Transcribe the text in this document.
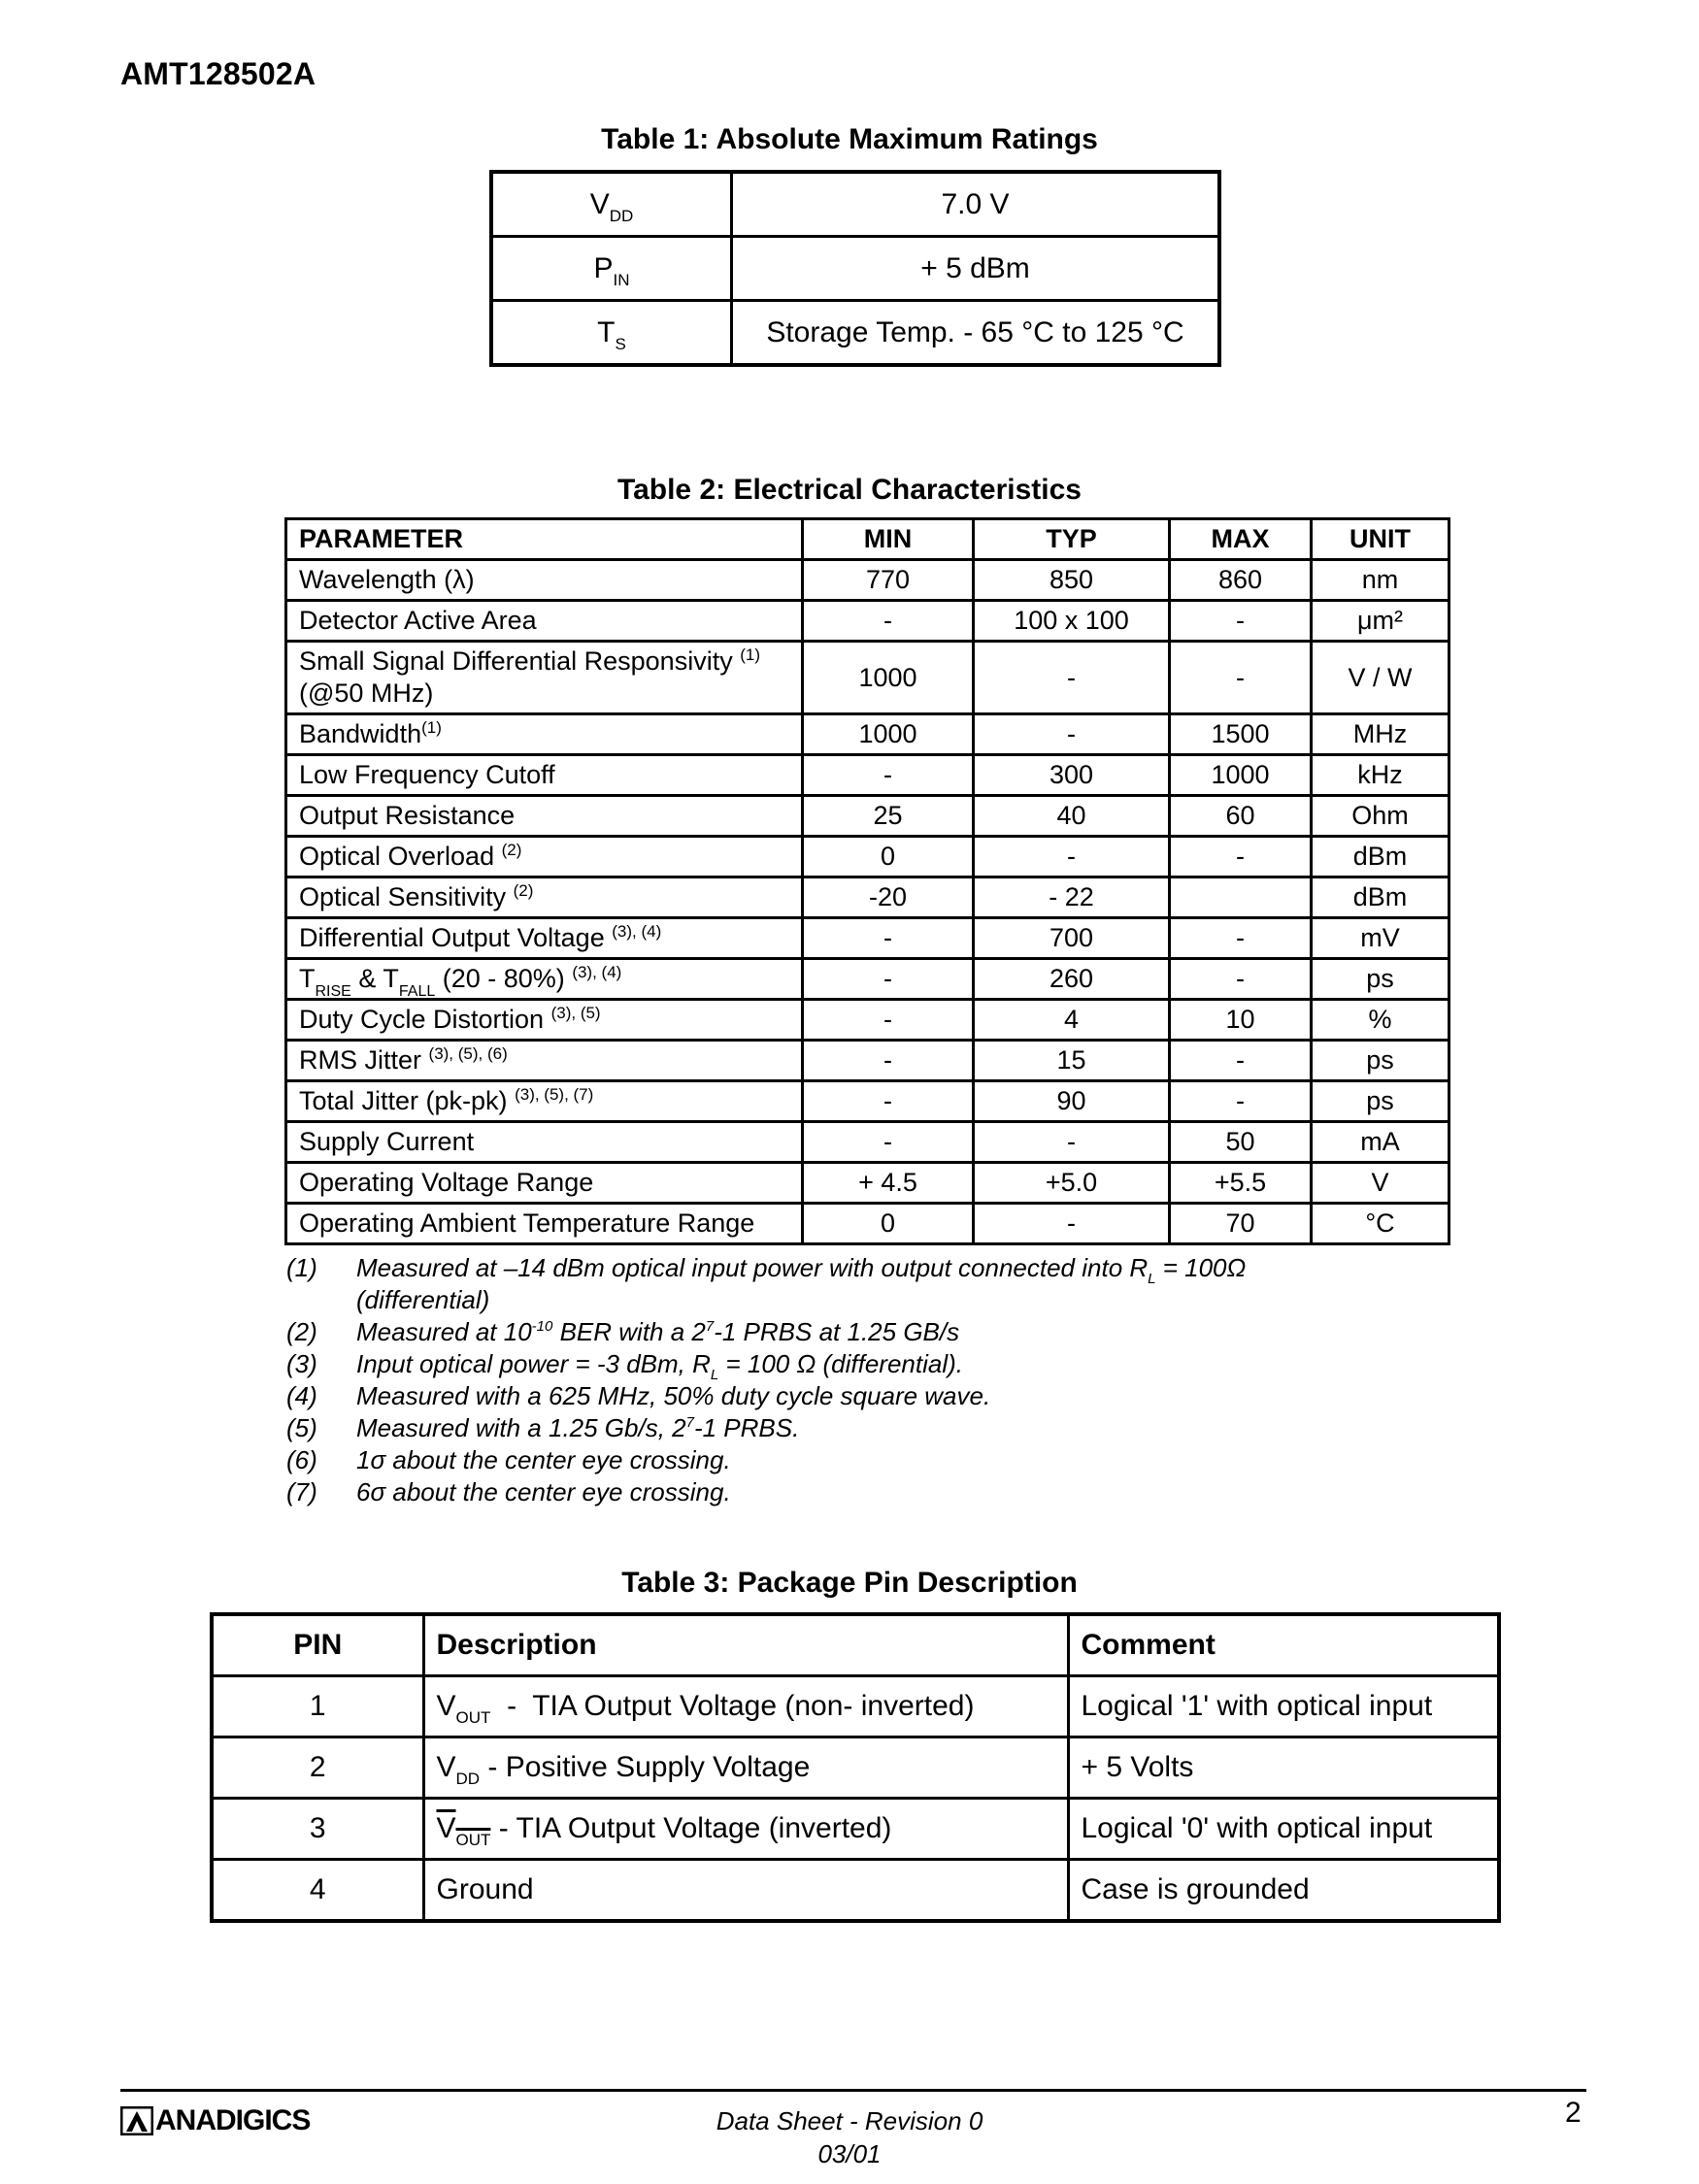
AMT128502A
Table 1: Absolute Maximum Ratings
$V_{DD}$	7.0 V
$P_{IN}$	+ 5 dBm
$T_S$	Storage Temp. - 65 °C to 125 °C
Table 2: Electrical Characteristics
PARAMETER	MIN	TYP	MAX	UNIT
Wavelength (λ)	770	850	860	nm
Detector Active Area	-	100 x 100	-	μm²
Small Signal Differential Responsivity $^{(1)}$
(@50 MHz)	1000	-	-	V / W
Bandwidth$^{(1)}$	1000	-	1500	MHz
Low Frequency Cutoff	-	300	1000	kHz
Output Resistance	25	40	60	Ohm
Optical Overload $^{(2)}$	0	-	-	dBm
Optical Sensitivity $^{(2)}$	-20	- 22		dBm
Differential Output Voltage $^{(3), (4)}$	-	700	-	mV
$T_{RISE}$ & $T_{FALL}$ (20 - 80%) $^{(3), (4)}$	-	260	-	ps
Duty Cycle Distortion $^{(3), (5)}$	-	4	10	%
RMS Jitter $^{(3), (5), (6)}$	-	15	-	ps
Total Jitter (pk-pk) $^{(3), (5), (7)}$	-	90	-	ps
Supply Current	-	-	50	mA
Operating Voltage Range	+ 4.5	+5.0	+5.5	V
Operating Ambient Temperature Range	0	-	70	°C
(1)	Measured at –14 dBm optical input power with output connected into $R_L = 100\Omega$
(differential)
(2)	Measured at 10$^{-10}$ BER with a 2$^7$-1 PRBS at 1.25 GB/s
(3)	Input optical power = -3 dBm, $R_L = 100$ Ω (differential).
(4)	Measured with a 625 MHz, 50% duty cycle square wave.
(5)	Measured with a 1.25 Gb/s, 2$^7$-1 PRBS.
(6)	1σ about the center eye crossing.
(7)	6σ about the center eye crossing.
Table 3: Package Pin Description
PIN	Description	Comment
1	$V_{OUT}$  -  TIA Output Voltage (non- inverted)	Logical '1' with optical input
2	$V_{DD}$ - Positive Supply Voltage	+ 5 Volts
3	$V_{OUT}$ - TIA Output Voltage (inverted)	Logical '0' with optical input
4	Ground	Case is grounded
ANADIGICS	Data Sheet - Revision 0
03/01
2
